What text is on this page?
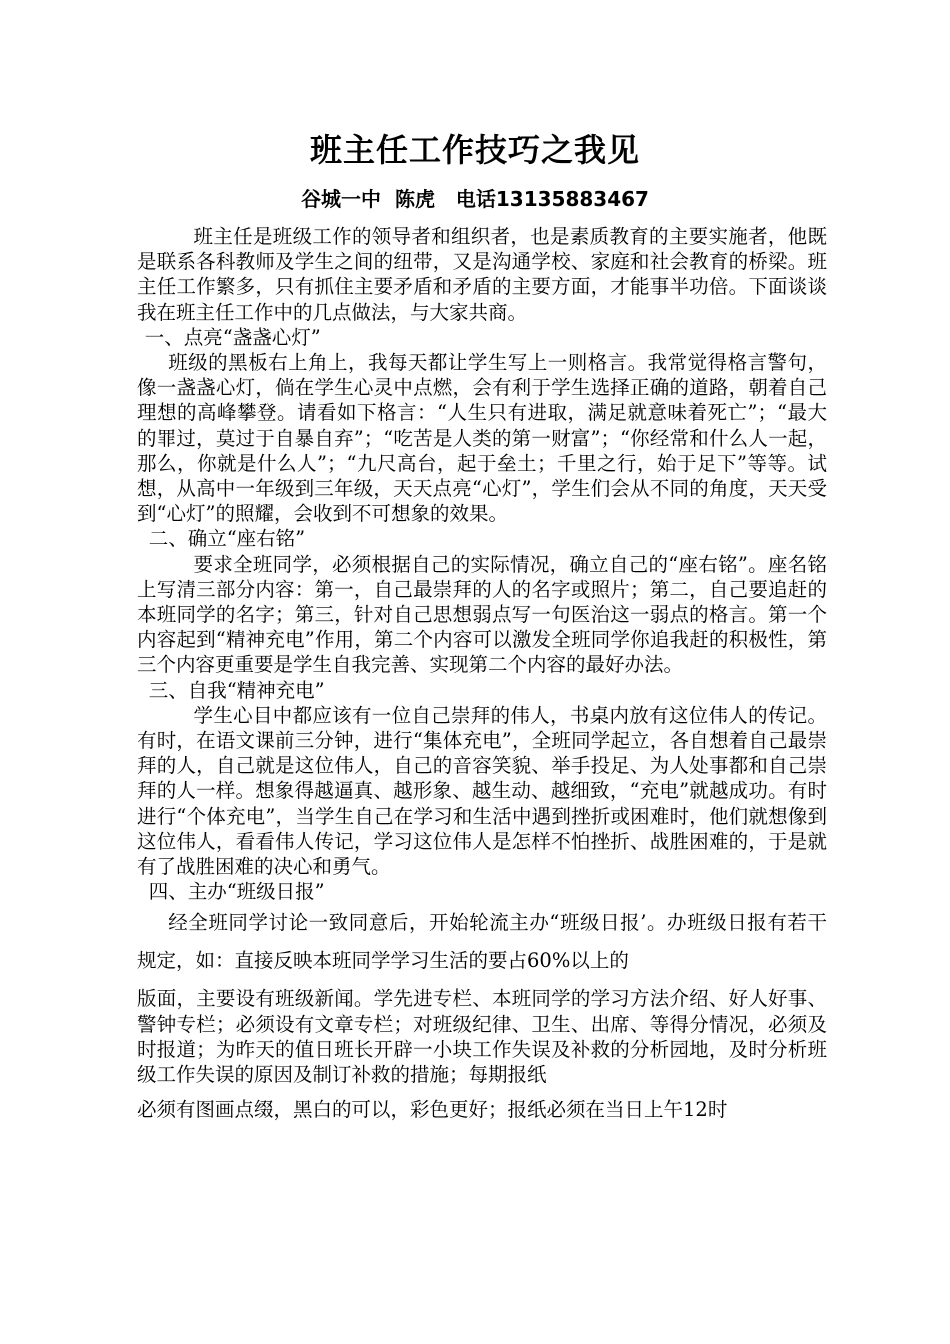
班主任工作技巧之我见
谷城一中  陈虎   电话13135883467

班主任是班级工作的领导者和组织者，也是素质教育的主要实施者，他既是联系各科教师及学生之间的纽带，又是沟通学校、家庭和社会教育的桥梁。班主任工作繁多，只有抓住主要矛盾和矛盾的主要方面，才能事半功倍。下面谈谈我在班主任工作中的几点做法，与大家共商。

一、点亮“盏盏心灯”

班级的黑板右上角上，我每天都让学生写上一则格言。我常觉得格言警句，像一盏盏心灯，倘在学生心灵中点燃，会有利于学生选择正确的道路，朝着自己理想的高峰攀登。请看如下格言：“人生只有进取，满足就意味着死亡”；“最大的罪过，莫过于自暴自弃”；“吃苦是人类的第一财富”；“你经常和什么人一起，那么，你就是什么人”；“九尺高台，起于垒土；千里之行，始于足下”等等。试想，从高中一年级到三年级，天天点亮“心灯”，学生们会从不同的角度，天天受到“心灯”的照耀，会收到不可想象的效果。

二、确立“座右铭”

要求全班同学，必须根据自己的实际情况，确立自己的“座右铭”。座名铭上写清三部分内容：第一，自己最崇拜的人的名字或照片；第二，自己要追赶的本班同学的名字；第三，针对自己思想弱点写一句医治这一弱点的格言。第一个内容起到“精神充电”作用，第二个内容可以激发全班同学你追我赶的积极性，第三个内容更重要是学生自我完善、实现第二个内容的最好办法。

三、自我“精神充电”

学生心目中都应该有一位自己崇拜的伟人，书桌内放有这位伟人的传记。有时，在语文课前三分钟，进行“集体充电”，全班同学起立，各自想着自己最崇拜的人，自己就是这位伟人，自己的音容笑貌、举手投足、为人处事都和自己崇拜的人一样。想象得越逼真、越形象、越生动、越细致，“充电”就越成功。有时进行“个体充电”，当学生自己在学习和生活中遇到挫折或困难时，他们就想像到这位伟人，看看伟人传记，学习这位伟人是怎样不怕挫折、战胜困难的，于是就有了战胜困难的决心和勇气。

四、主办“班级日报”

经全班同学讨论一致同意后，开始轮流主办“班级日报’。办班级日报有若干规定，如：直接反映本班同学学习生活的要占60%以上的

版面，主要设有班级新闻。学先进专栏、本班同学的学习方法介绍、好人好事、警钟专栏；必须设有文章专栏；对班级纪律、卫生、出席、等得分情况，必须及时报道；为昨天的值日班长开辟一小块工作失误及补救的分析园地，及时分析班级工作失误的原因及制订补救的措施；每期报纸

必须有图画点缀，黑白的可以，彩色更好；报纸必须在当日上午12时
